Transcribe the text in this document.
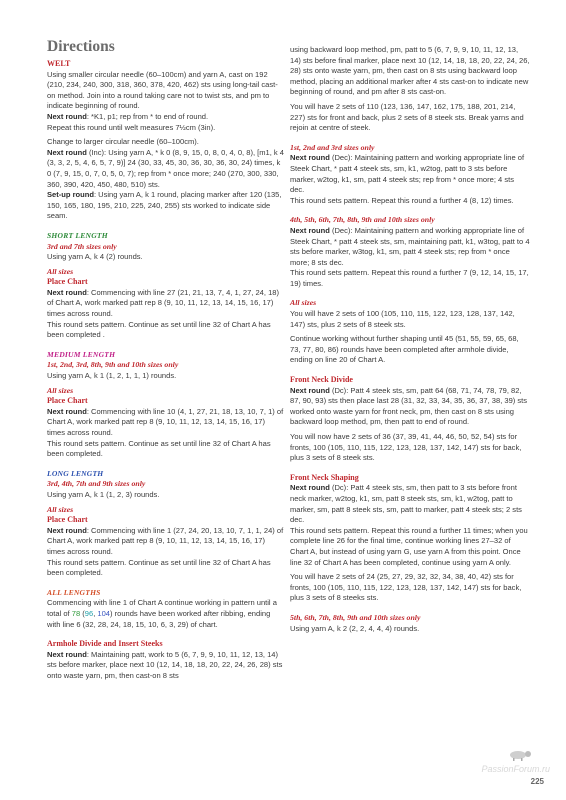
Directions

WELT

Using smaller circular needle (60–100cm) and yarn A, cast on 192 (210, 234, 240, 300, 318, 360, 378, 420, 462) sts using long-tail cast-on method. Join into a round taking care not to twist sts, and pm to indicate beginning of round.

Next round: *K1, p1; rep from * to end of round.

Repeat this round until welt measures 7½cm (3in).

Change to larger circular needle (60–100cm).

Next round (Inc): Using yarn A, * k 0 (8, 9, 15, 0, 8, 0, 4, 0, 8), [m1, k 4 (3, 3, 2, 5, 4, 6, 5, 7, 9)] 24 (30, 33, 45, 30, 36, 30, 36, 30, 24) times, k 0 (7, 9, 15, 0, 7, 0, 5, 0, 7); rep from * once more; 240 (270, 300, 330, 360, 390, 420, 450, 480, 510) sts.

Set-up round: Using yarn A, k 1 round, placing marker after 120 (135, 150, 165, 180, 195, 210, 225, 240, 255) sts worked to indicate side seam.

SHORT LENGTH

3rd and 7th sizes only

Using yarn A, k 4 (2) rounds.

All sizes

Place Chart

Next round: Commencing with line 27 (21, 21, 13, 7, 4, 1, 27, 24, 18) of Chart A, work marked patt rep 8 (9, 10, 11, 12, 13, 14, 15, 16, 17) times across round.

This round sets pattern. Continue as set until line 32 of Chart A has been completed .

MEDIUM LENGTH

1st, 2nd, 3rd, 8th, 9th and 10th sizes only

Using yarn A, k 1 (1, 2, 1, 1, 1) rounds.

All sizes

Place Chart

Next round: Commencing with line 10 (4, 1, 27, 21, 18, 13, 10, 7, 1) of Chart A, work marked patt rep 8 (9, 10, 11, 12, 13, 14, 15, 16, 17) times across round.

This round sets pattern. Continue as set until line 32 of Chart A has been completed.

LONG LENGTH

3rd, 4th, 7th and 9th sizes only

Using yarn A, k 1 (1, 2, 3) rounds.

All sizes

Place Chart

Next round: Commencing with line 1 (27, 24, 20, 13, 10, 7, 1, 1, 24) of Chart A, work marked patt rep 8 (9, 10, 11, 12, 13, 14, 15, 16, 17) times across round.

This round sets pattern. Continue as set until line 32 of Chart A has been completed.

ALL LENGTHS

Commencing with line 1 of Chart A continue working in pattern until a total of 78 (96, 104) rounds have been worked after ribbing, ending with line 6 (32, 28, 24, 18, 15, 10, 6, 3, 29) of chart.

Armhole Divide and Insert Steeks

Next round: Maintaining patt, work to 5 (6, 7, 9, 9, 10, 11, 12, 13, 14) sts before marker, place next 10 (12, 14, 18, 18, 20, 22, 24, 26, 28) sts onto waste yarn, pm, then cast-on 8 sts

using backward loop method, pm, patt to 5 (6, 7, 9, 9, 10, 11, 12, 13, 14) sts before final marker, place next 10 (12, 14, 18, 18, 20, 22, 24, 26, 28) sts onto waste yarn, pm, then cast on 8 sts using backward loop method, placing an additional marker after 4 sts cast-on to indicate new beginning of round, and pm after 8 sts cast-on.

You will have 2 sets of 110 (123, 136, 147, 162, 175, 188, 201, 214, 227) sts for front and back, plus 2 sets of 8 steek sts. Break yarns and rejoin at centre of steek.

1st, 2nd and 3rd sizes only

Next round (Dec): Maintaining pattern and working appropriate line of Steek Chart, * patt 4 steek sts, sm, k1, w2tog, patt to 3 sts before marker, w2tog, k1, sm, patt 4 steek sts; rep from * once more; 4 sts dec.

This round sets pattern. Repeat this round a further 4 (8, 12) times.

4th, 5th, 6th, 7th, 8th, 9th and 10th sizes only

Next round (Dec): Maintaining pattern and working appropriate line of Steek Chart, * patt 4 steek sts, sm, maintaining patt, k1, w3tog, patt to 4 sts before marker, w3tog, k1, sm, patt 4 steek sts; rep from * once more; 8 sts dec.

This round sets pattern. Repeat this round a further 7 (9, 12, 14, 15, 17, 19) times.

All sizes

You will have 2 sets of 100 (105, 110, 115, 122, 123, 128, 137, 142, 147) sts, plus 2 sets of 8 steek sts.

Continue working without further shaping until 45 (51, 55, 59, 65, 68, 73, 77, 80, 86) rounds have been completed after armhole divide, ending on line 20 of Chart A.

Front Neck Divide

Next round (Dc): Patt 4 steek sts, sm, patt 64 (68, 71, 74, 78, 79, 82, 87, 90, 93) sts then place last 28 (31, 32, 33, 34, 35, 36, 37, 38, 39) sts worked onto waste yarn for front neck, pm, then cast on 8 sts using backward loop method, pm, then patt to end of round.

You will now have 2 sets of 36 (37, 39, 41, 44, 46, 50, 52, 54) sts for fronts, 100 (105, 110, 115, 122, 123, 128, 137, 142, 147) sts for back, plus 3 sets of 8 steek sts.

Front Neck Shaping

Next round (Dc): Patt 4 steek sts, sm, then patt to 3 sts before front neck marker, w2tog, k1, sm, patt 8 steek sts, sm, k1, w2tog, patt to marker, sm, patt 8 steek sts, sm, patt to marker, patt 4 steek sts; 2 sts dec.

This round sets pattern. Repeat this round a further 11 times; when you complete line 26 for the final time, continue working lines 27–32 of Chart A, but instead of using yarn G, use yarn A from this point. Once line 32 of Chart A has been completed, continue using yarn A only.

You will have 2 sets of 24 (25, 27, 29, 32, 32, 34, 38, 40, 42) sts for fronts, 100 (105, 110, 115, 122, 123, 128, 137, 142, 147) sts for back, plus 3 sets of 8 steeks sts.

5th, 6th, 7th, 8th, 9th and 10th sizes only

Using yarn A, k 2 (2, 2, 4, 4, 4) rounds.

PassionForum.ru
225
